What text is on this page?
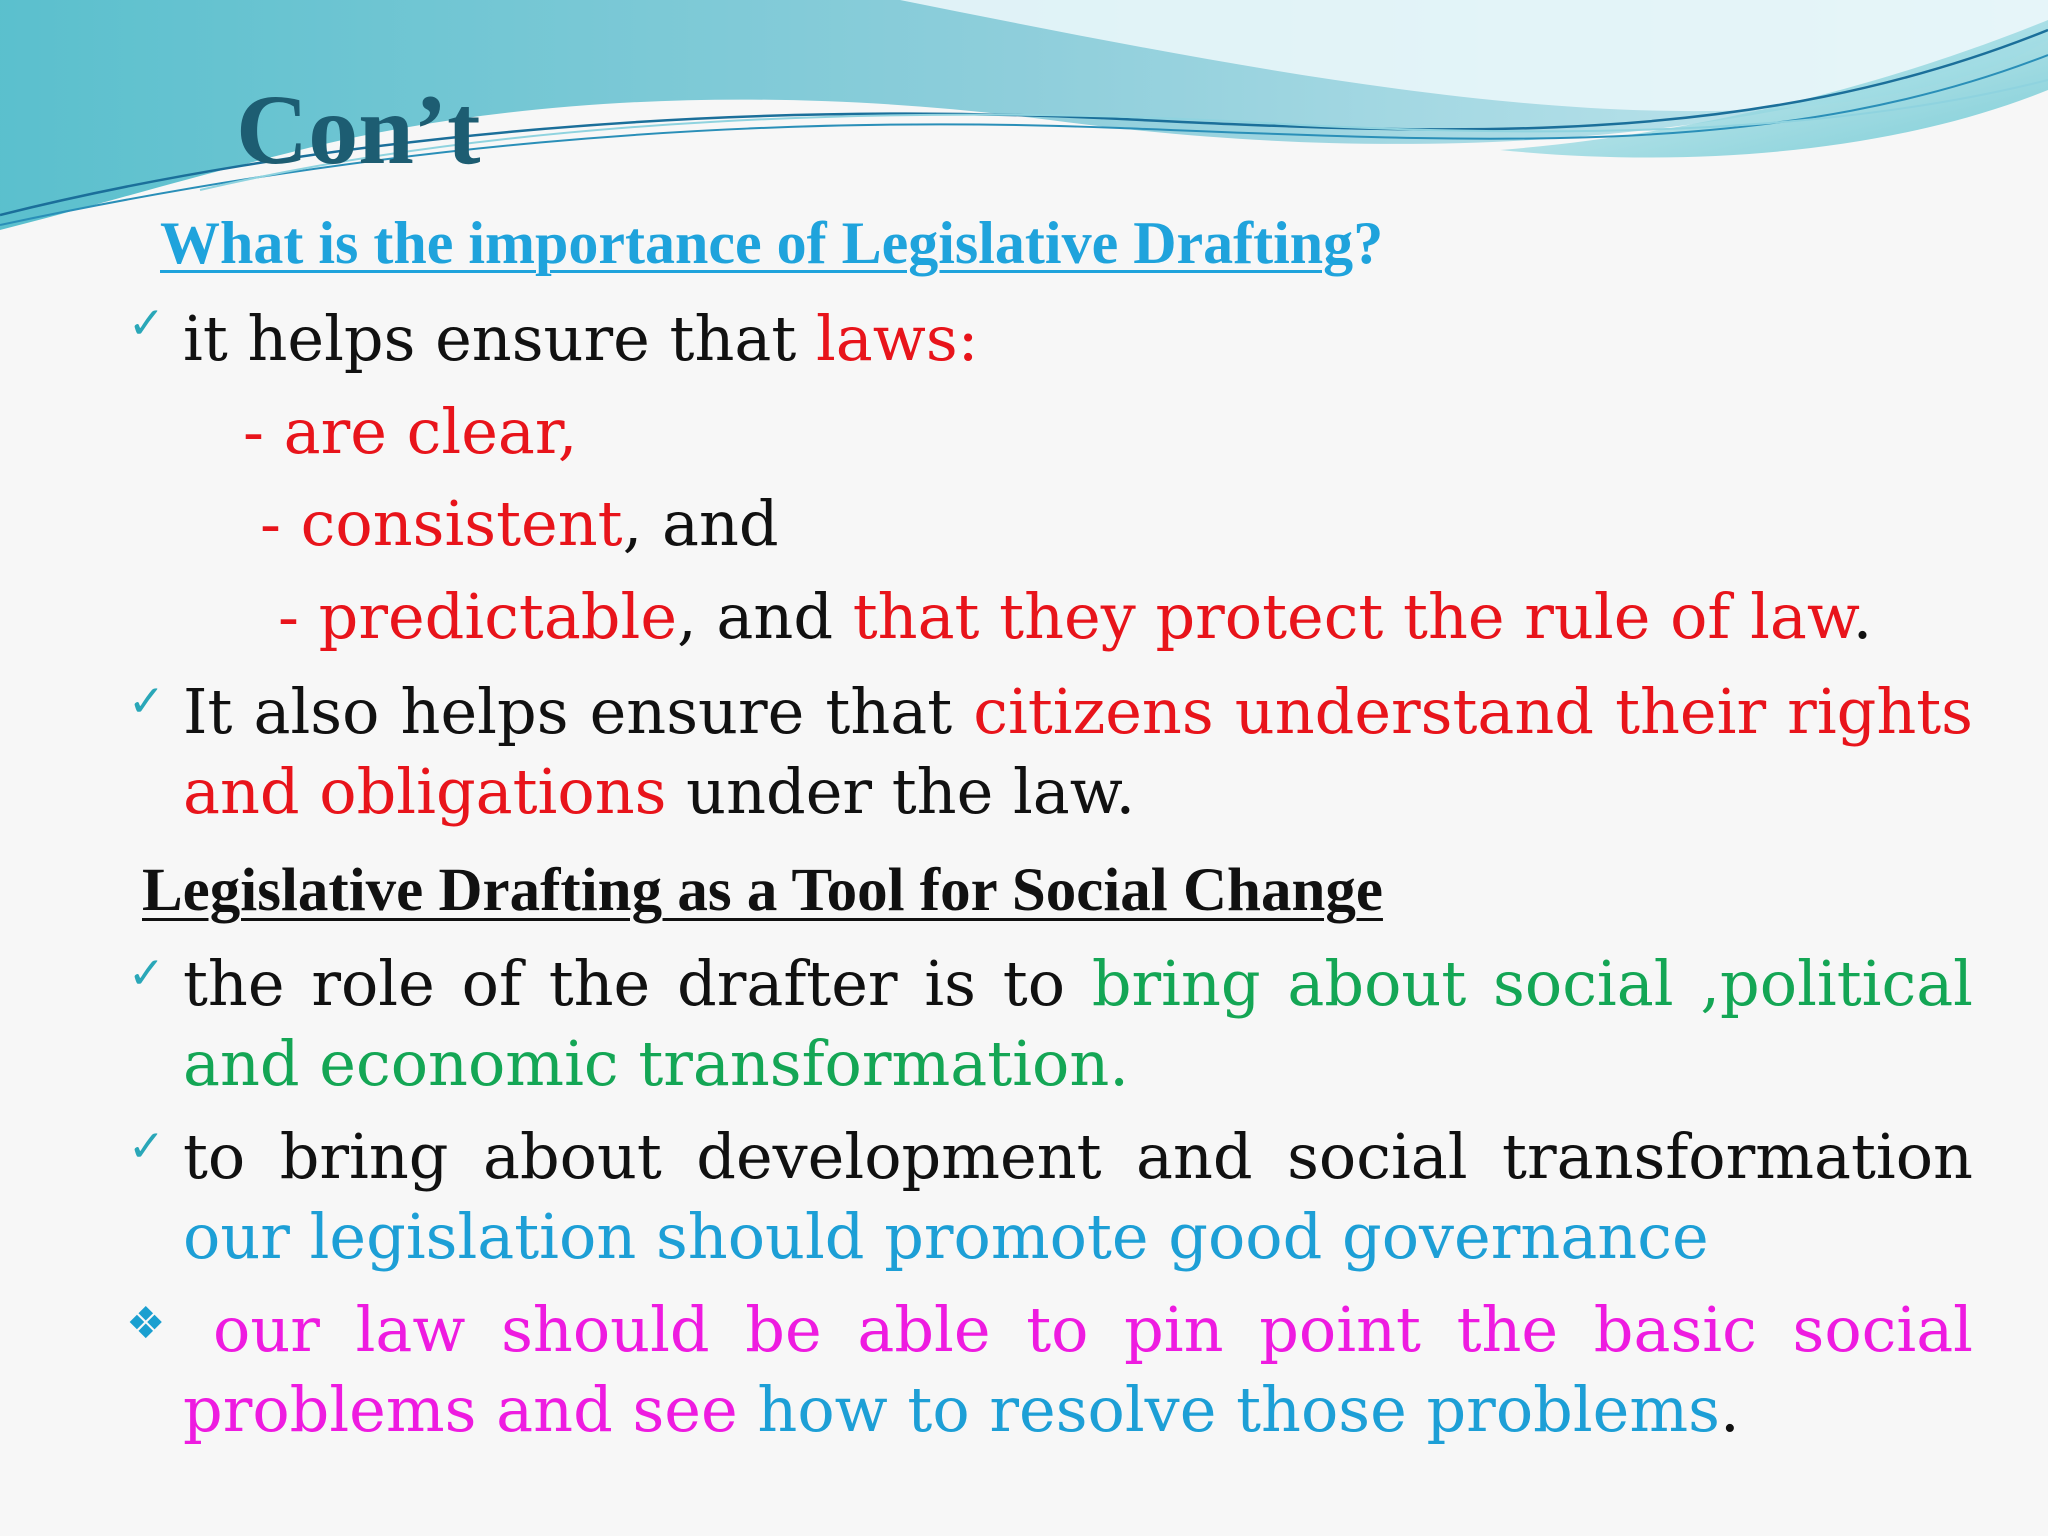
Con’t
What is the importance of Legislative Drafting?
✓ it helps ensure that laws:
- are clear,
- consistent, and
- predictable, and that they protect the rule of law.
✓ It also helps ensure that citizens understand their rights
and obligations under the law.
Legislative Drafting as a Tool for Social Change
✓ the role of the drafter is to bring about social ,political
and economic transformation.
✓ to bring about development and social transformation
our legislation should promote good governance
❖ our law should be able to pin point the basic social
problems and see how to resolve those problems.
